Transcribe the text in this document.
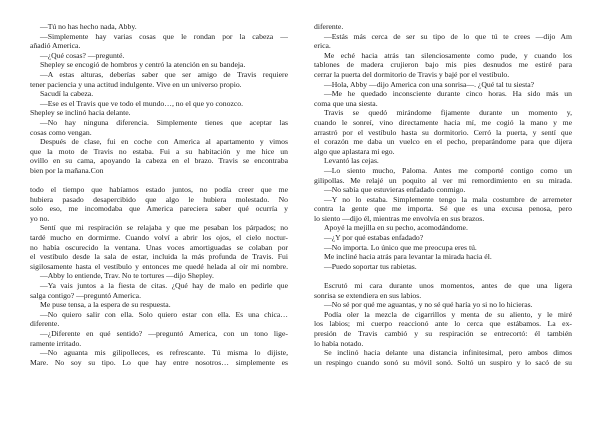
—Tú no has hecho nada, Abby.
—Simplemente hay varias cosas que le rondan por la cabeza —
añadió America.
—¿Qué cosas? —pregunté.
Shepley se encogió de hombros y centró la atención en su bandeja.
—A estas alturas, deberías saber que ser amigo de Travis requiere
tener paciencia y una actitud indulgente. Vive en un universo propio.
Sacudí la cabeza.
—Ese es el Travis que ve todo el mundo…, no el que yo conozco.
Shepley se inclinó hacia delante.
—No hay ninguna diferencia. Simplemente tienes que aceptar las
cosas como vengan.
Después de clase, fui en coche con America al apartamento y vimos
que la moto de Travis no estaba. Fui a su habitación y me hice un
ovillo en su cama, apoyando la cabeza en el brazo. Travis se encontraba
bien por la mañana.Con
todo el tiempo que habíamos estado juntos, no podía creer que me
hubiera pasado desapercibido que algo le hubiera molestado. No
solo eso, me incomodaba que America pareciera saber qué ocurría y
yo no.
Sentí que mi respiración se relajaba y que me pesaban los párpados; no
tardé mucho en dormirme. Cuando volví a abrir los ojos, el cielo noctur-
no había oscurecido la ventana. Unas voces amortiguadas se colaban por
el vestíbulo desde la sala de estar, incluida la más profunda de Travis. Fui
sigilosamente hasta el vestíbulo y entonces me quedé helada al oír mi nombre.
—Abby lo entiende, Trav. No te tortures —dijo Shepley.
—Ya vais juntos a la fiesta de citas. ¿Qué hay de malo en pedirle que
salga contigo? —preguntó America.
Me puse tensa, a la espera de su respuesta.
—No quiero salir con ella. Solo quiero estar con ella. Es una chica…
diferente.
—¿Diferente en qué sentido? —preguntó America, con un tono lige-
ramente irritado.
—No aguanta mis gilipolleces, es refrescante. Tú misma lo dijiste,
Mare. No soy su tipo. Lo que hay entre nosotros… simplemente es
diferente.
—Estás más cerca de ser su tipo de lo que tú te crees —dijo Am
erica.
Me eché hacia atrás tan silenciosamente como pude, y cuando los
tablones de madera crujieron bajo mis pies desnudos me estiré para
cerrar la puerta del dormitorio de Travis y bajé por el vestíbulo.
—Hola, Abby —dijo America con una sonrisa—. ¿Qué tal tu siesta?
—Me he quedado inconsciente durante cinco horas. Ha sido más un
coma que una siesta.
Travis se quedó mirándome fijamente durante un momento y,
cuando le sonreí, vino directamente hacia mí, me cogió la mano y me
arrastró por el vestíbulo hasta su dormitorio. Cerró la puerta, y sentí que
el corazón me daba un vuelco en el pecho, preparándome para que dijera
algo que aplastara mi ego.
Levantó las cejas.
—Lo siento mucho, Paloma. Antes me comporté contigo como un
gilipollas. Me relajé un poquito al ver mi remordimiento en su mirada.
—No sabía que estuvieras enfadado conmigo.
—Y no lo estaba. Simplemente tengo la mala costumbre de arremeter
contra la gente que me importa. Sé que es una excusa penosa, pero
lo siento —dijo él, mientras me envolvía en sus brazos.
Apoyé la mejilla en su pecho, acomodándome.
—¿Y por qué estabas enfadado?
—No importa. Lo único que me preocupa eres tú.
Me incliné hacia atrás para levantar la mirada hacia él.
—Puedo soportar tus rabietas.
Escrutó mi cara durante unos momentos, antes de que una ligera
sonrisa se extendiera en sus labios.
—No sé por qué me aguantas, y no sé qué haría yo si no lo hicieras.
Podía oler la mezcla de cigarrillos y menta de su aliento, y le miré
los labios; mi cuerpo reaccionó ante lo cerca que estábamos. La ex-
presión de Travis cambió y su respiración se entrecortó: él también
lo había notado.
Se inclinó hacia delante una distancia infinitesimal, pero ambos dimos
un respingo cuando sonó su móvil sonó. Soltó un suspiro y lo sacó de su
